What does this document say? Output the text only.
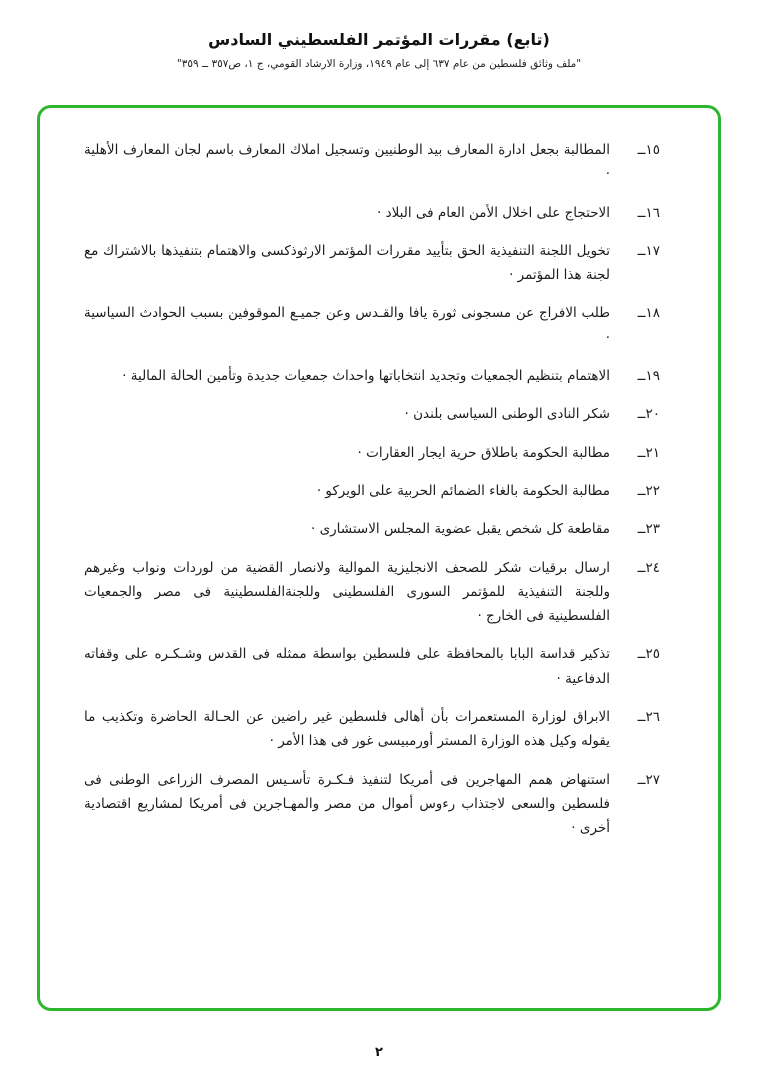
(تابع) مقررات المؤتمر الفلسطيني السادس
"ملف وثائق فلسطين من عام ٦٣٧ إلى عام ١٩٤٩، وزارة الارشاد القومي، ج ١، ص٣٥٧ ــ ٣٥٩"
١٥ــ
المطالبة بجعل ادارة المعارف بيد الوطنيين وتسجيل املاك المعارف باسم لجان المعارف الأهلية ·
١٦ــ
الاحتجاج على اخلال الأمن العام فى البلاد ·
١٧ــ
تخويل اللجنة التنفيذية الحق بتأييد مقررات المؤتمر الارثوذكسى والاهتمام بتنفيذها بالاشتراك مع لجنة هذا المؤتمر ·
١٨ــ
طلب الافراج عن مسجونى ثورة يافا والقـدس وعن جميـع الموقوفين بسبب الحوادث السياسية ·
١٩ــ
الاهتمام بتنظيم الجمعيات وتجديد انتخاباتها واحداث جمعيات جديدة وتأمين الحالة المالية ·
٢٠ــ
شكر النادى الوطنى السياسى بلندن ·
٢١ــ
مطالبة الحكومة باطلاق حرية ايجار العقارات ·
٢٢ــ
مطالبة الحكومة بالغاء الضمائم الحربية على الويركو ·
٢٣ــ
مقاطعة كل شخص يقبل عضوية المجلس الاستشارى ·
٢٤ــ
ارسال برقيات شكر للصحف الانجليزية الموالية ولانصار القضية من لوردات ونواب وغيرهم وللجنة التنفيذية للمؤتمر السورى الفلسطينى وللجنةالفلسطينية فى مصر والجمعيات الفلسطينية فى الخارج ·
٢٥ــ
تذكير قداسة البابا بالمحافظة على فلسطين بواسطة ممثله فى القدس وشـكـره على وقفاته الدفاعية ·
٢٦ــ
الابراق لوزارة المستعمرات بأن أهالى فلسطين غير راضين عن الحـالة الحاضرة وتكذيب ما يقوله وكيل هذه الوزارة المستر أورمبيسى غور فى هذا الأمر ·
٢٧ــ
استنهاض همم المهاجرين فى أمريكا لتنفيذ فـكـرة تأسـيس المصرف الزراعى الوطنى فى فلسطين والسعى لاجتذاب رءوس أموال من مصر والمهـاجرين فى أمريكا لمشاريع اقتصادية أخرى ·
٢
